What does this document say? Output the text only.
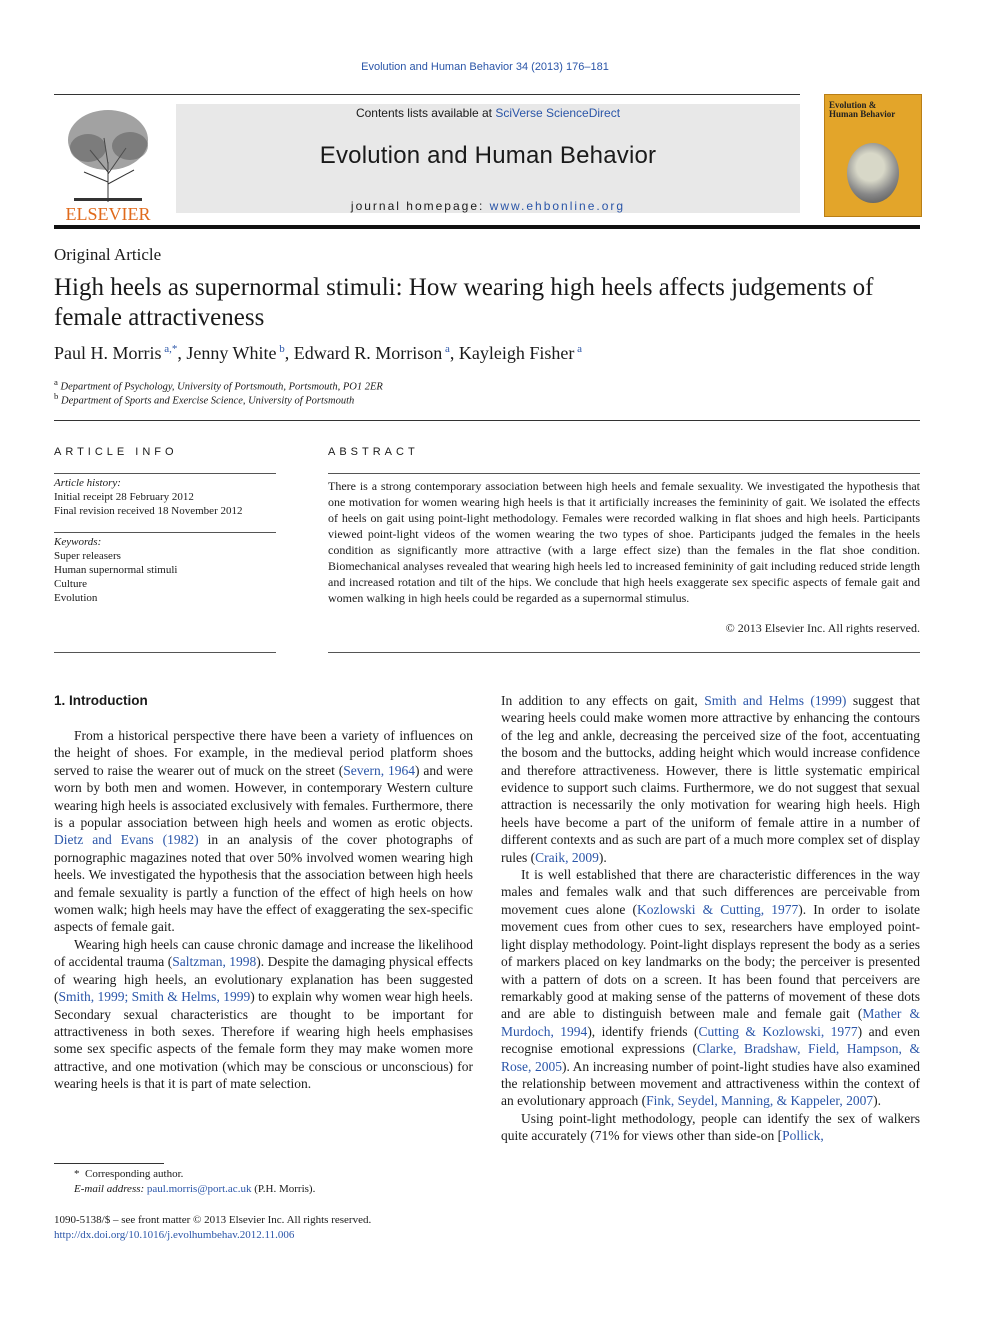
Evolution and Human Behavior 34 (2013) 176–181
ELSEVIER
Contents lists available at SciVerse ScienceDirect
Evolution and Human Behavior
journal homepage: www.ehbonline.org
Evolution &
Human Behavior
Original Article
High heels as supernormal stimuli: How wearing high heels affects judgements of female attractiveness
Paul H. Morris $^{a,*}$, Jenny White $^b$, Edward R. Morrison $^a$, Kayleigh Fisher $^a$
$^a$ Department of Psychology, University of Portsmouth, Portsmouth, PO1 2ER
$^b$ Department of Sports and Exercise Science, University of Portsmouth
ARTICLE INFO
Article history:
Initial receipt 28 February 2012
Final revision received 18 November 2012
Keywords:
Super releasers
Human supernormal stimuli
Culture
Evolution
ABSTRACT
There is a strong contemporary association between high heels and female sexuality. We investigated the hypothesis that one motivation for women wearing high heels is that it artificially increases the femininity of gait. We isolated the effects of heels on gait using point-light methodology. Females were recorded walking in flat shoes and high heels. Participants viewed point-light videos of the women wearing the two types of shoe. Participants judged the females in the heels condition as significantly more attractive (with a large effect size) than the females in the flat shoe condition. Biomechanical analyses revealed that wearing high heels led to increased femininity of gait including reduced stride length and increased rotation and tilt of the hips. We conclude that high heels exaggerate sex specific aspects of female gait and women walking in high heels could be regarded as a supernormal stimulus.
© 2013 Elsevier Inc. All rights reserved.
1. Introduction

From a historical perspective there have been a variety of influences on the height of shoes. For example, in the medieval period platform shoes served to raise the wearer out of muck on the street (Severn, 1964) and were worn by both men and women. However, in contemporary Western culture wearing high heels is associated exclusively with females. Furthermore, there is a popular association between high heels and women as erotic objects. Dietz and Evans (1982) in an analysis of the cover photographs of pornographic magazines noted that over 50% involved women wearing high heels. We investigated the hypothesis that the association between high heels and female sexuality is partly a function of the effect of high heels on how women walk; high heels may have the effect of exaggerating the sex-specific aspects of female gait.

Wearing high heels can cause chronic damage and increase the likelihood of accidental trauma (Saltzman, 1998). Despite the damaging physical effects of wearing high heels, an evolutionary explanation has been suggested (Smith, 1999; Smith & Helms, 1999) to explain why women wear high heels. Secondary sexual characteristics are thought to be important for attractiveness in both sexes. Therefore if wearing high heels emphasises some sex specific aspects of the female form they may make women more attractive, and one motivation (which may be conscious or unconscious) for wearing heels is that it is part of mate selection.

In addition to any effects on gait, Smith and Helms (1999) suggest that wearing heels could make women more attractive by enhancing the contours of the leg and ankle, decreasing the perceived size of the foot, accentuating the bosom and the buttocks, adding height which would increase confidence and therefore attractiveness. However, there is little systematic empirical evidence to support such claims. Furthermore, we do not suggest that sexual attraction is necessarily the only motivation for wearing high heels. High heels have become a part of the uniform of female attire in a number of different contexts and as such are part of a much more complex set of display rules (Craik, 2009).

It is well established that there are characteristic differences in the way males and females walk and that such differences are perceivable from movement cues alone (Kozlowski & Cutting, 1977). In order to isolate movement cues from other cues to sex, researchers have employed point-light display methodology. Point-light displays represent the body as a series of markers placed on key landmarks on the body; the perceiver is presented with a pattern of dots on a screen. It has been found that perceivers are remarkably good at making sense of the patterns of movement of these dots and are able to distinguish between male and female gait (Mather & Murdoch, 1994), identify friends (Cutting & Kozlowski, 1977) and even recognise emotional expressions (Clarke, Bradshaw, Field, Hampson, & Rose, 2005). An increasing number of point-light studies have also examined the relationship between movement and attractiveness within the context of an evolutionary approach (Fink, Seydel, Manning, & Kappeler, 2007).

Using point-light methodology, people can identify the sex of walkers quite accurately (71% for views other than side-on [Pollick,

* Corresponding author.
E-mail address: paul.morris@port.ac.uk (P.H. Morris).
1090-5138/$ – see front matter © 2013 Elsevier Inc. All rights reserved.
http://dx.doi.org/10.1016/j.evolhumbehav.2012.11.006
